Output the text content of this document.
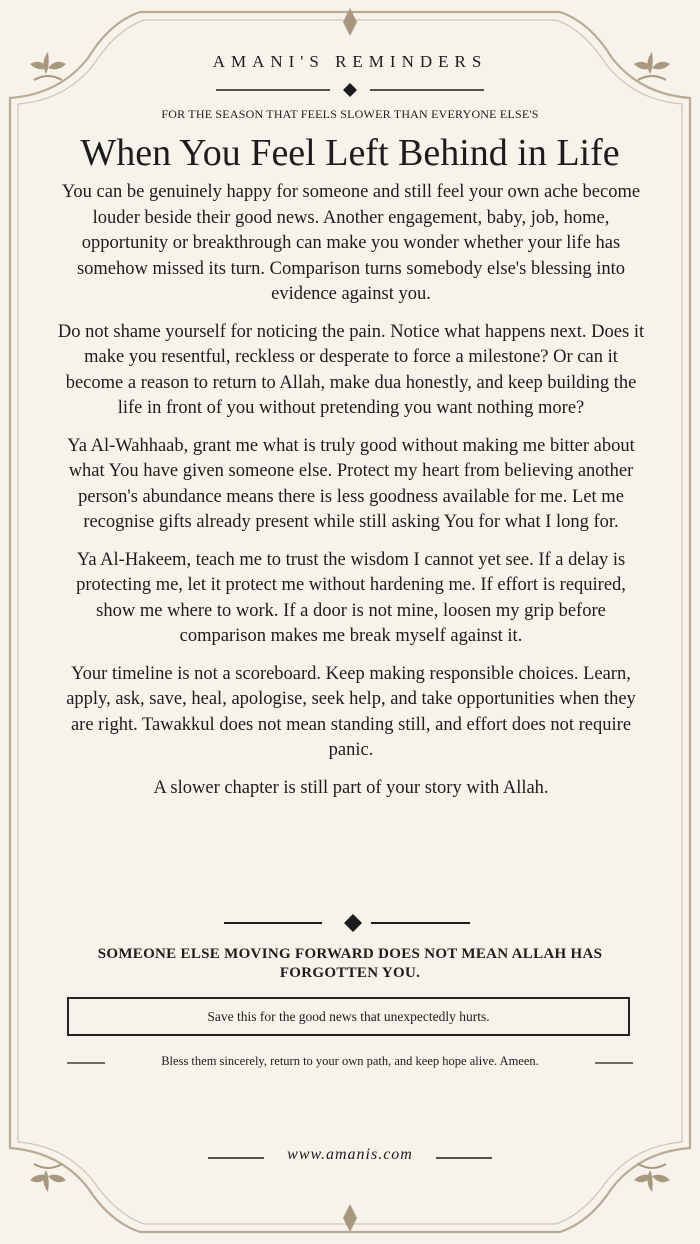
AMANI'S REMINDERS
FOR THE SEASON THAT FEELS SLOWER THAN EVERYONE ELSE'S
When You Feel Left Behind in Life

You can be genuinely happy for someone and still feel your own ache become louder beside their good news. Another engagement, baby, job, home, opportunity or breakthrough can make you wonder whether your life has somehow missed its turn. Comparison turns somebody else's blessing into evidence against you.

Do not shame yourself for noticing the pain. Notice what happens next. Does it make you resentful, reckless or desperate to force a milestone? Or can it become a reason to return to Allah, make dua honestly, and keep building the life in front of you without pretending you want nothing more?

Ya Al-Wahhaab, grant me what is truly good without making me bitter about what You have given someone else. Protect my heart from believing another person's abundance means there is less goodness available for me. Let me recognise gifts already present while still asking You for what I long for.

Ya Al-Hakeem, teach me to trust the wisdom I cannot yet see. If a delay is protecting me, let it protect me without hardening me. If effort is required, show me where to work. If a door is not mine, loosen my grip before comparison makes me break myself against it.

Your timeline is not a scoreboard. Keep making responsible choices. Learn, apply, ask, save, heal, apologise, seek help, and take opportunities when they are right. Tawakkul does not mean standing still, and effort does not require panic.

A slower chapter is still part of your story with Allah.

SOMEONE ELSE MOVING FORWARD DOES NOT MEAN ALLAH HAS FORGOTTEN YOU.
Save this for the good news that unexpectedly hurts.
Bless them sincerely, return to your own path, and keep hope alive. Ameen.
www.amanis.com
